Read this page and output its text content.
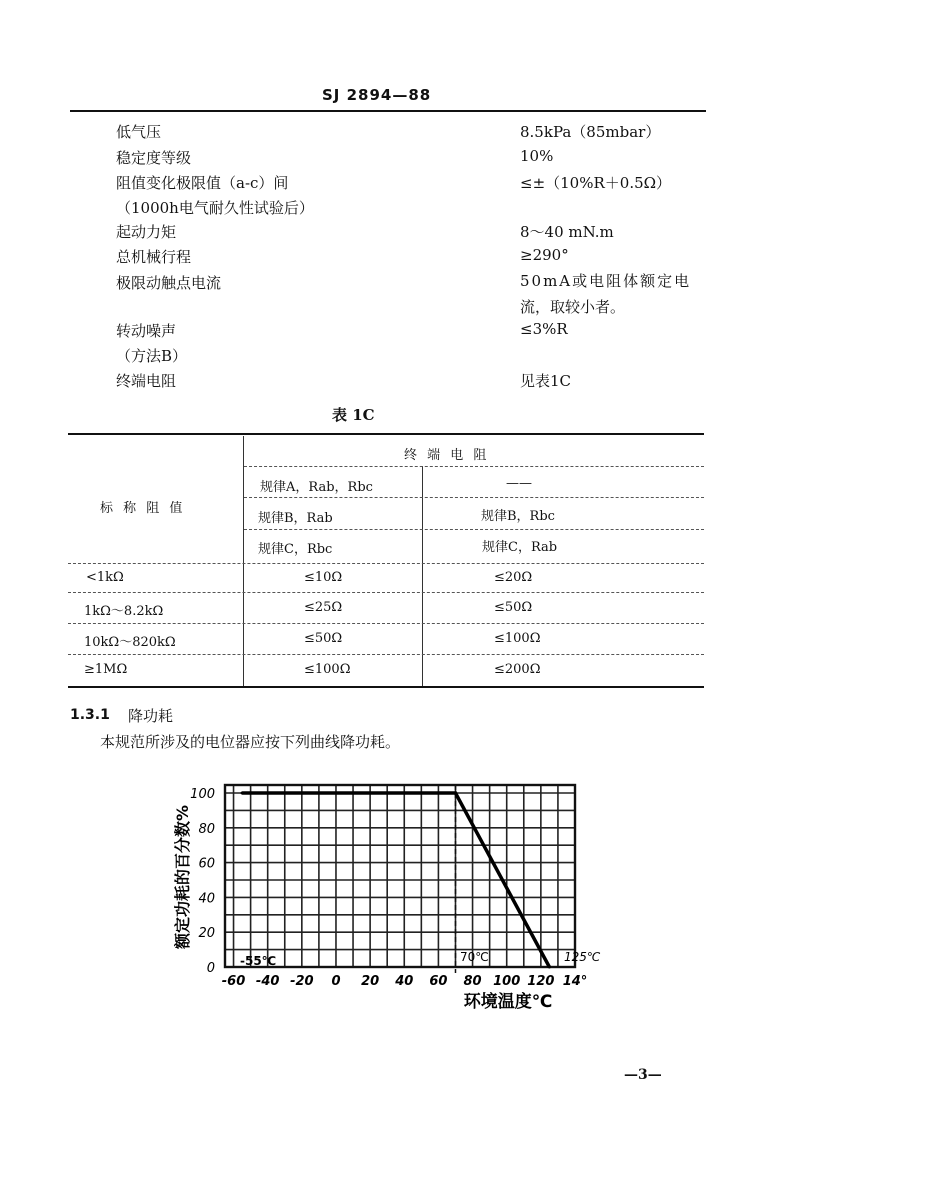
SJ 2894—88
低气压	8.5kPa（85mbar）
稳定度等级	10%
阻值变化极限值（a-c）间	≤±（10%R＋0.5Ω）
（1000h电气耐久性试验后）
起动力矩	8～40 mN.m
总机械行程	≥290°
极限动触点电流	50mA或电阻体额定电
流，取较小者。
转动噪声	≤3%R
（方法B）
终端电阻	见表1C
表 1C
终 端 电 阻
标 称 阻 值
规律A，Rab，Rbc	——
规律B，Rab	规律B，Rbc
规律C，Rbc	规律C，Rab
<1kΩ	≤10Ω	≤20Ω
1kΩ～8.2kΩ	≤25Ω	≤50Ω
10kΩ～820kΩ	≤50Ω	≤100Ω
≥1MΩ	≤100Ω	≤200Ω
1.3.1 降功耗
本规范所涉及的电位器应按下列曲线降功耗。
0
20
40
60
80
100
-60 -40 -20 0 20 40 60 80 100 120 14°
额定功耗的百分数%
环境温度℃
-55℃	70℃	125℃
—3—
